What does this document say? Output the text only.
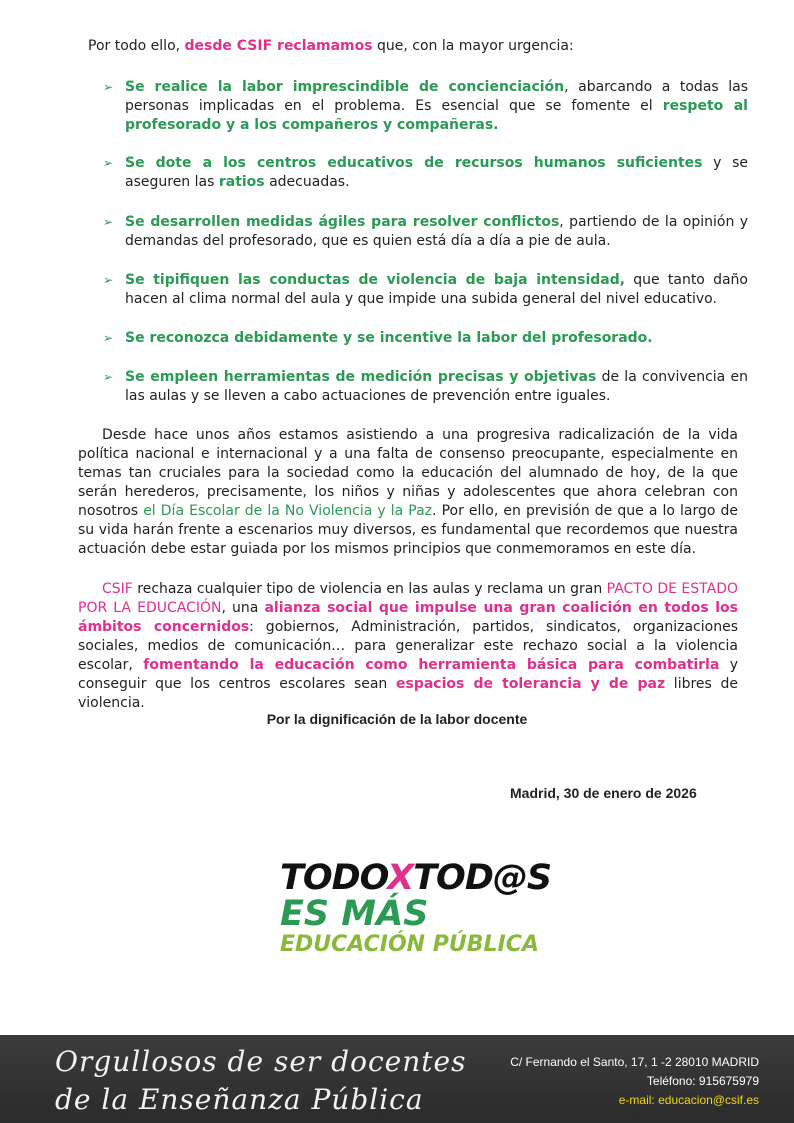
Por todo ello, desde CSIF reclamamos que, con la mayor urgencia:
➢ Se realice la labor imprescindible de concienciación, abarcando a todas las personas implicadas en el problema. Es esencial que se fomente el respeto al profesorado y a los compañeros y compañeras.
➢ Se dote a los centros educativos de recursos humanos suficientes y se aseguren las ratios adecuadas.
➢ Se desarrollen medidas ágiles para resolver conflictos, partiendo de la opinión y demandas del profesorado, que es quien está día a día a pie de aula.
➢ Se tipifiquen las conductas de violencia de baja intensidad, que tanto daño hacen al clima normal del aula y que impide una subida general del nivel educativo.
➢ Se reconozca debidamente y se incentive la labor del profesorado.
➢ Se empleen herramientas de medición precisas y objetivas de la convivencia en las aulas y se lleven a cabo actuaciones de prevención entre iguales.
Desde hace unos años estamos asistiendo a una progresiva radicalización de la vida política nacional e internacional y a una falta de consenso preocupante, especialmente en temas tan cruciales para la sociedad como la educación del alumnado de hoy, de la que serán herederos, precisamente, los niños y niñas y adolescentes que ahora celebran con nosotros el Día Escolar de la No Violencia y la Paz. Por ello, en previsión de que a lo largo de su vida harán frente a escenarios muy diversos, es fundamental que recordemos que nuestra actuación debe estar guiada por los mismos principios que conmemoramos en este día.
CSIF rechaza cualquier tipo de violencia en las aulas y reclama un gran PACTO DE ESTADO POR LA EDUCACIÓN, una alianza social que impulse una gran coalición en todos los ámbitos concernidos: gobiernos, Administración, partidos, sindicatos, organizaciones sociales, medios de comunicación… para generalizar este rechazo social a la violencia escolar, fomentando la educación como herramienta básica para combatirla y conseguir que los centros escolares sean espacios de tolerancia y de paz libres de violencia.
Por la dignificación de la labor docente
Madrid, 30 de enero de 2026
TODOXTOD@S
ES MÁS
EDUCACIÓN PÚBLICA
Orgullosos de ser docentes
de la Enseñanza Pública
C/ Fernando el Santo, 17, 1 -2 28010 MADRID
Teléfono: 915675979
e-mail: educacion@csif.es
